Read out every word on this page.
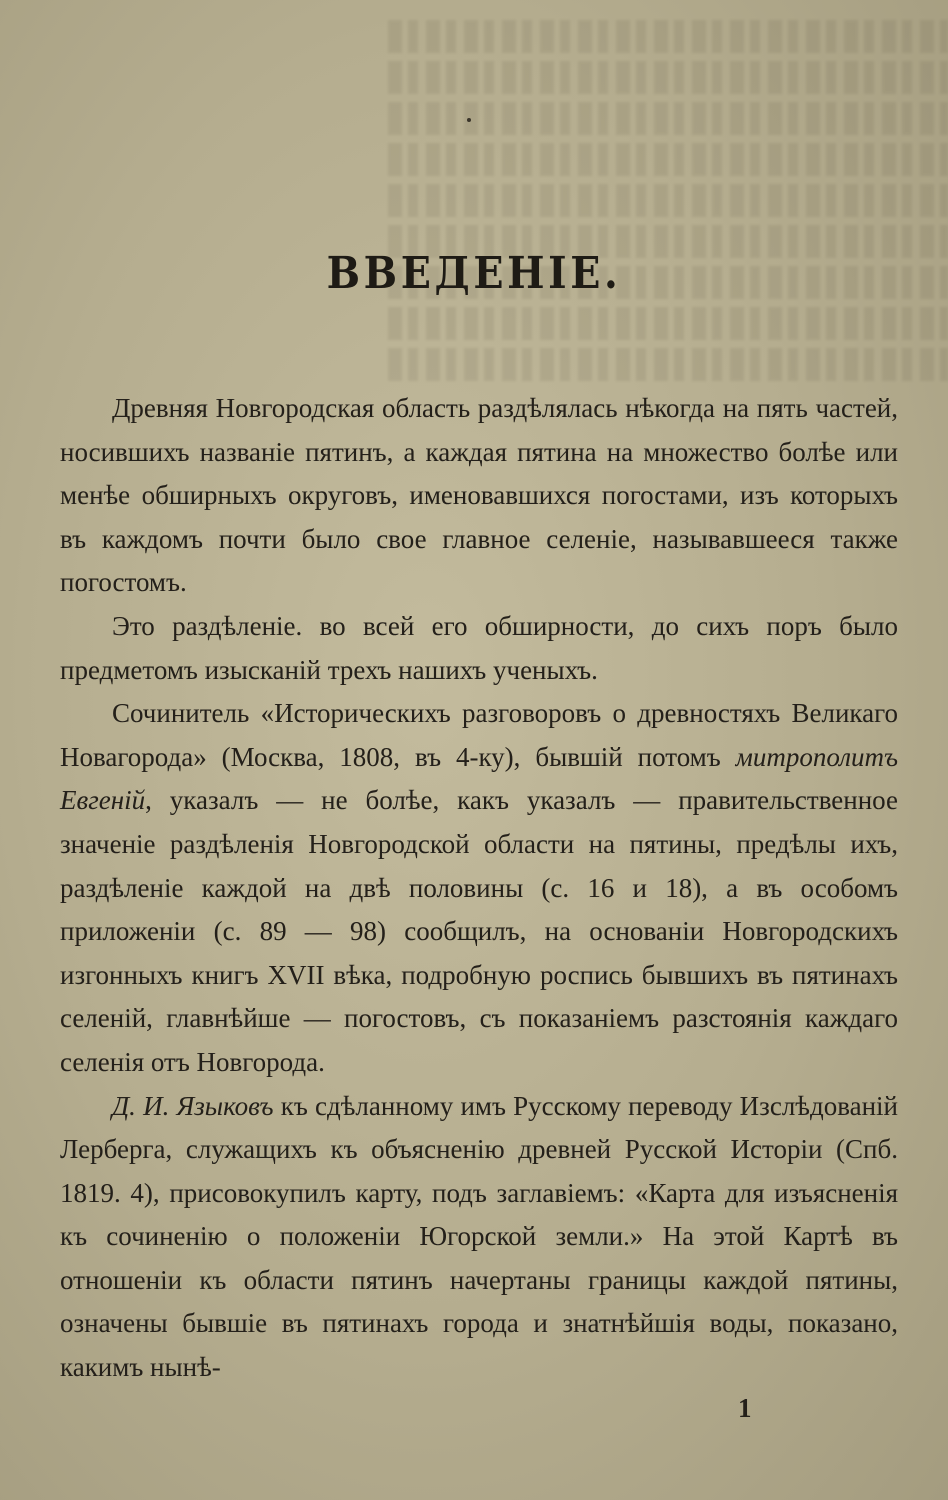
ВВЕДЕНІЕ.

Древняя Новгородская область раздѣлялась нѣкогда на пять частей, носившихъ названіе пятинъ, а каждая пятина на множество болѣе или менѣе обширныхъ округовъ, именовавшихся погостами, изъ которыхъ въ каждомъ почти было свое главное селеніе, называвшееся также погостомъ.

Это раздѣленіе. во всей его обширности, до сихъ поръ было предметомъ изысканій трехъ нашихъ ученыхъ.

Сочинитель «Историческихъ разговоровъ о древностяхъ Великаго Новагорода» (Москва, 1808, въ 4-ку), бывшій потомъ митрополитъ Евгеній, указалъ — не болѣе, какъ указалъ — правительственное значеніе раздѣленія Новгородской области на пятины, предѣлы ихъ, раздѣленіе каждой на двѣ половины (с. 16 и 18), а въ особомъ приложеніи (с. 89 — 98) сообщилъ, на основаніи Новгородскихъ изгонныхъ книгъ XVII вѣка, подробную роспись бывшихъ въ пятинахъ селеній, главнѣйше — погостовъ, съ показаніемъ разстоянія каждаго селенія отъ Новгорода.

Д. И. Языковъ къ сдѣланному имъ Русскому переводу Изслѣдованій Лерберга, служащихъ къ объясненію древней Русской Исторіи (Спб. 1819. 4), присовокупилъ карту, подъ заглавіемъ: «Карта для изъясненія къ сочиненію о положеніи Югорской земли.» На этой Картѣ въ отношеніи къ области пятинъ начертаны границы каждой пятины, означены бывшіе въ пятинахъ города и знатнѣйшія воды, показано, какимъ нынѣ-

1
